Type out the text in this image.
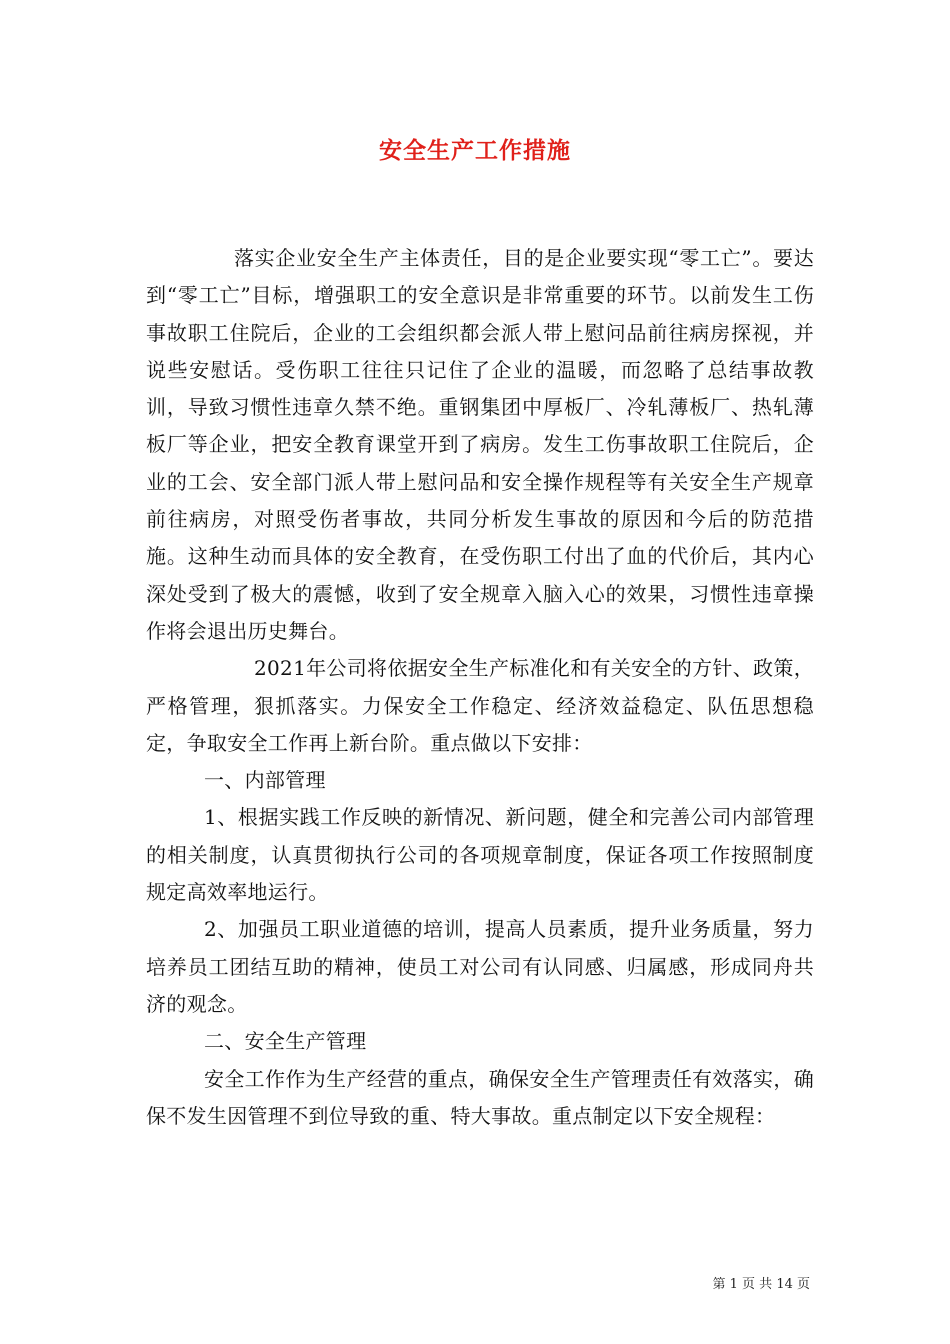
安全生产工作措施

落实企业安全生产主体责任，目的是企业要实现“零工亡”。要达到“零工亡”目标，增强职工的安全意识是非常重要的环节。以前发生工伤事故职工住院后，企业的工会组织都会派人带上慰问品前往病房探视，并说些安慰话。受伤职工往往只记住了企业的温暖，而忽略了总结事故教训，导致习惯性违章久禁不绝。重钢集团中厚板厂、冷轧薄板厂、热轧薄板厂等企业，把安全教育课堂开到了病房。发生工伤事故职工住院后，企业的工会、安全部门派人带上慰问品和安全操作规程等有关安全生产规章前往病房，对照受伤者事故，共同分析发生事故的原因和今后的防范措施。这种生动而具体的安全教育，在受伤职工付出了血的代价后，其内心深处受到了极大的震憾，收到了安全规章入脑入心的效果，习惯性违章操作将会退出历史舞台。

2021年公司将依据安全生产标准化和有关安全的方针、政策，严格管理，狠抓落实。力保安全工作稳定、经济效益稳定、队伍思想稳定，争取安全工作再上新台阶。重点做以下安排：

一、内部管理

1、根据实践工作反映的新情况、新问题，健全和完善公司内部管理的相关制度，认真贯彻执行公司的各项规章制度，保证各项工作按照制度规定高效率地运行。

2、加强员工职业道德的培训，提高人员素质，提升业务质量，努力培养员工团结互助的精神，使员工对公司有认同感、归属感，形成同舟共济的观念。

二、安全生产管理

安全工作作为生产经营的重点，确保安全生产管理责任有效落实，确保不发生因管理不到位导致的重、特大事故。重点制定以下安全规程：

第 1 页 共 14 页
